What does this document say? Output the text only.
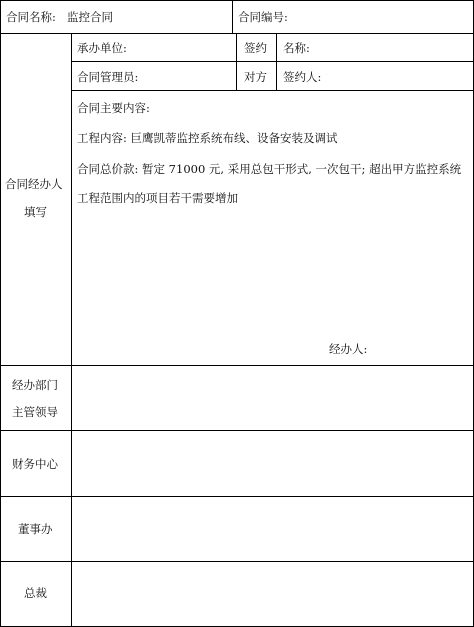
合同名称: 监控合同	合同编号:
合同经办人
填写
承办单位:
合同管理员:
签约
对方
名称:
签约人:
合同主要内容:
工程内容: 巨鹰凯蒂监控系统布线、设备安装及调试
合同总价款: 暂定 71000 元, 采用总包干形式, 一次包干; 超出甲方监控系统
工程范围内的项目若干需要增加
经办人:
经办部门
主管领导
财务中心
董事办
总裁
